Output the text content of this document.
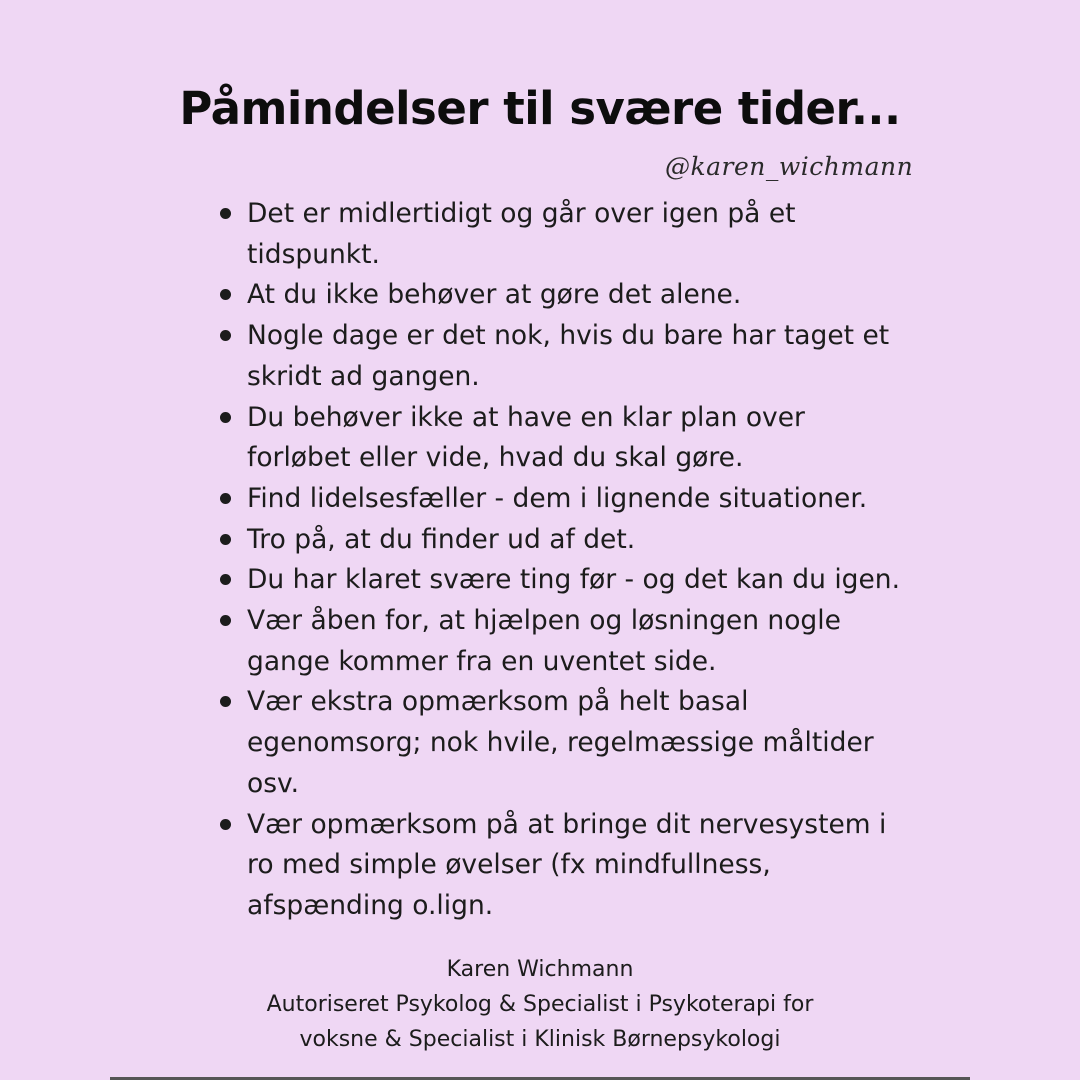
Påmindelser til svære tider...
@karen_wichmann
Det er midlertidigt og går over igen på et
tidspunkt.
At du ikke behøver at gøre det alene.
Nogle dage er det nok, hvis du bare har taget et
skridt ad gangen.
Du behøver ikke at have en klar plan over
forløbet eller vide, hvad du skal gøre.
Find lidelsesfæller - dem i lignende situationer.
Tro på, at du finder ud af det.
Du har klaret svære ting før - og det kan du igen.
Vær åben for, at hjælpen og løsningen nogle
gange kommer fra en uventet side.
Vær ekstra opmærksom på helt basal
egenomsorg; nok hvile, regelmæssige måltider
osv.
Vær opmærksom på at bringe dit nervesystem i
ro med simple øvelser (fx mindfullness,
afspænding o.lign.
Karen Wichmann
Autoriseret Psykolog & Specialist i Psykoterapi for
voksne & Specialist i Klinisk Børnepsykologi
